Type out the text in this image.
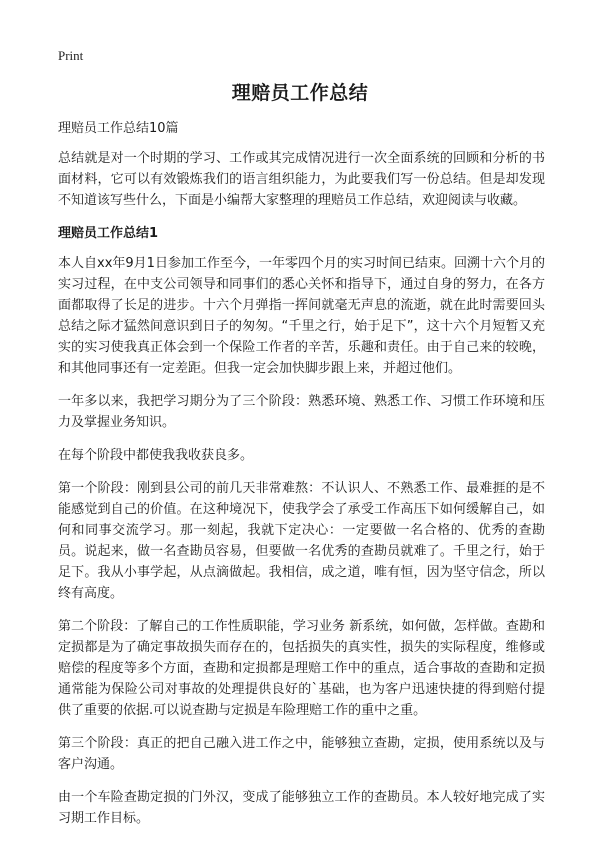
Print
理赔员工作总结

理赔员工作总结10篇

总结就是对一个时期的学习、工作或其完成情况进行一次全面系统的回顾和分析的书面材料，它可以有效锻炼我们的语言组织能力，为此要我们写一份总结。但是却发现不知道该写些什么，下面是小编帮大家整理的理赔员工作总结，欢迎阅读与收藏。

理赔员工作总结1

本人自xx年9月1日参加工作至今，一年零四个月的实习时间已结束。回溯十六个月的实习过程，在中支公司领导和同事们的悉心关怀和指导下，通过自身的努力，在各方面都取得了长足的进步。十六个月弹指一挥间就毫无声息的流逝，就在此时需要回头总结之际才猛然间意识到日子的匆匆。“千里之行，始于足下”，这十六个月短暂又充实的实习使我真正体会到一个保险工作者的辛苦，乐趣和责任。由于自己来的较晚，和其他同事还有一定差距。但我一定会加快脚步跟上来，并超过他们。

一年多以来，我把学习期分为了三个阶段：熟悉环境、熟悉工作、习惯工作环境和压力及掌握业务知识。

在每个阶段中都使我我收获良多。

第一个阶段：刚到县公司的前几天非常难熬：不认识人、不熟悉工作、最难捱的是不能感觉到自己的价值。在这种境况下，使我学会了承受工作高压下如何缓解自己，如何和同事交流学习。那一刻起，我就下定决心：一定要做一名合格的、优秀的查勘员。说起来，做一名查勘员容易，但要做一名优秀的查勘员就难了。千里之行，始于足下。我从小事学起，从点滴做起。我相信，成之道，唯有恒，因为坚守信念，所以终有高度。

第二个阶段：了解自己的工作性质职能，学习业务 新系统，如何做，怎样做。查勘和定损都是为了确定事故损失而存在的，包括损失的真实性，损失的实际程度，维修或赔偿的程度等多个方面，查勘和定损都是理赔工作中的重点，适合事故的查勘和定损通常能为保险公司对事故的处理提供良好的`基础，也为客户迅速快捷的得到赔付提供了重要的依据.可以说查勘与定损是车险理赔工作的重中之重。

第三个阶段：真正的把自己融入进工作之中，能够独立查勘，定损，使用系统以及与客户沟通。

由一个车险查勘定损的门外汉，变成了能够独立工作的查勘员。本人较好地完成了实习期工作目标。
